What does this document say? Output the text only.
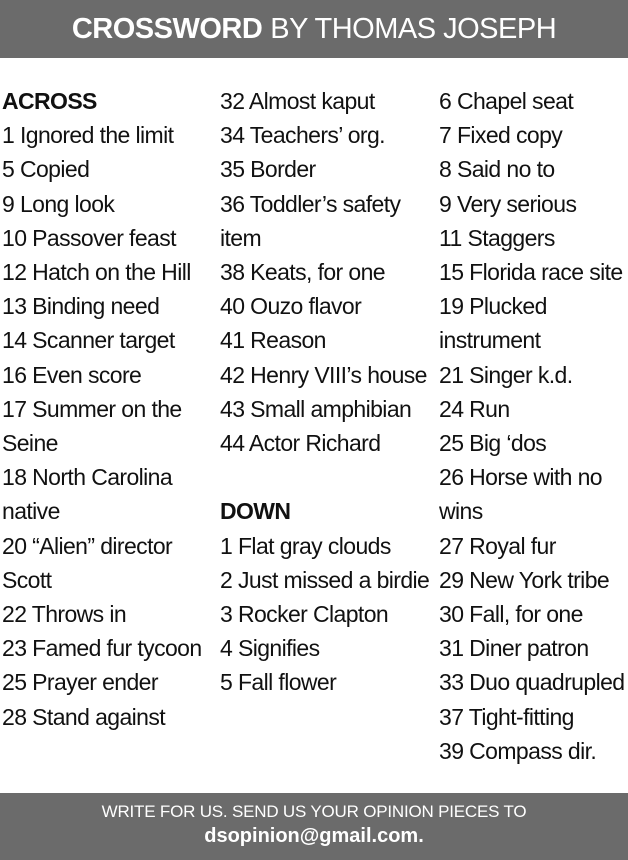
CROSSWORD BY THOMAS JOSEPH
ACROSS
1 Ignored the limit
5 Copied
9 Long look
10 Passover feast
12 Hatch on the Hill
13 Binding need
14 Scanner target
16 Even score
17 Summer on the Seine
18 North Carolina native
20 “Alien” director Scott
22 Throws in
23 Famed fur tycoon
25 Prayer ender
28 Stand against
32 Almost kaput
34 Teachers’ org.
35 Border
36 Toddler’s safety item
38 Keats, for one
40 Ouzo flavor
41 Reason
42 Henry VIII’s house
43 Small amphibian
44 Actor Richard
DOWN
1 Flat gray clouds
2 Just missed a birdie
3 Rocker Clapton
4 Signifies
5 Fall flower
6 Chapel seat
7 Fixed copy
8 Said no to
9 Very serious
11 Staggers
15 Florida race site
19 Plucked instrument
21 Singer k.d.
24 Run
25 Big ‘dos
26 Horse with no wins
27 Royal fur
29 New York tribe
30 Fall, for one
31 Diner patron
33 Duo quadrupled
37 Tight-fitting
39 Compass dir.
WRITE FOR US. SEND US YOUR OPINION PIECES TO
dsopinion@gmail.com.
